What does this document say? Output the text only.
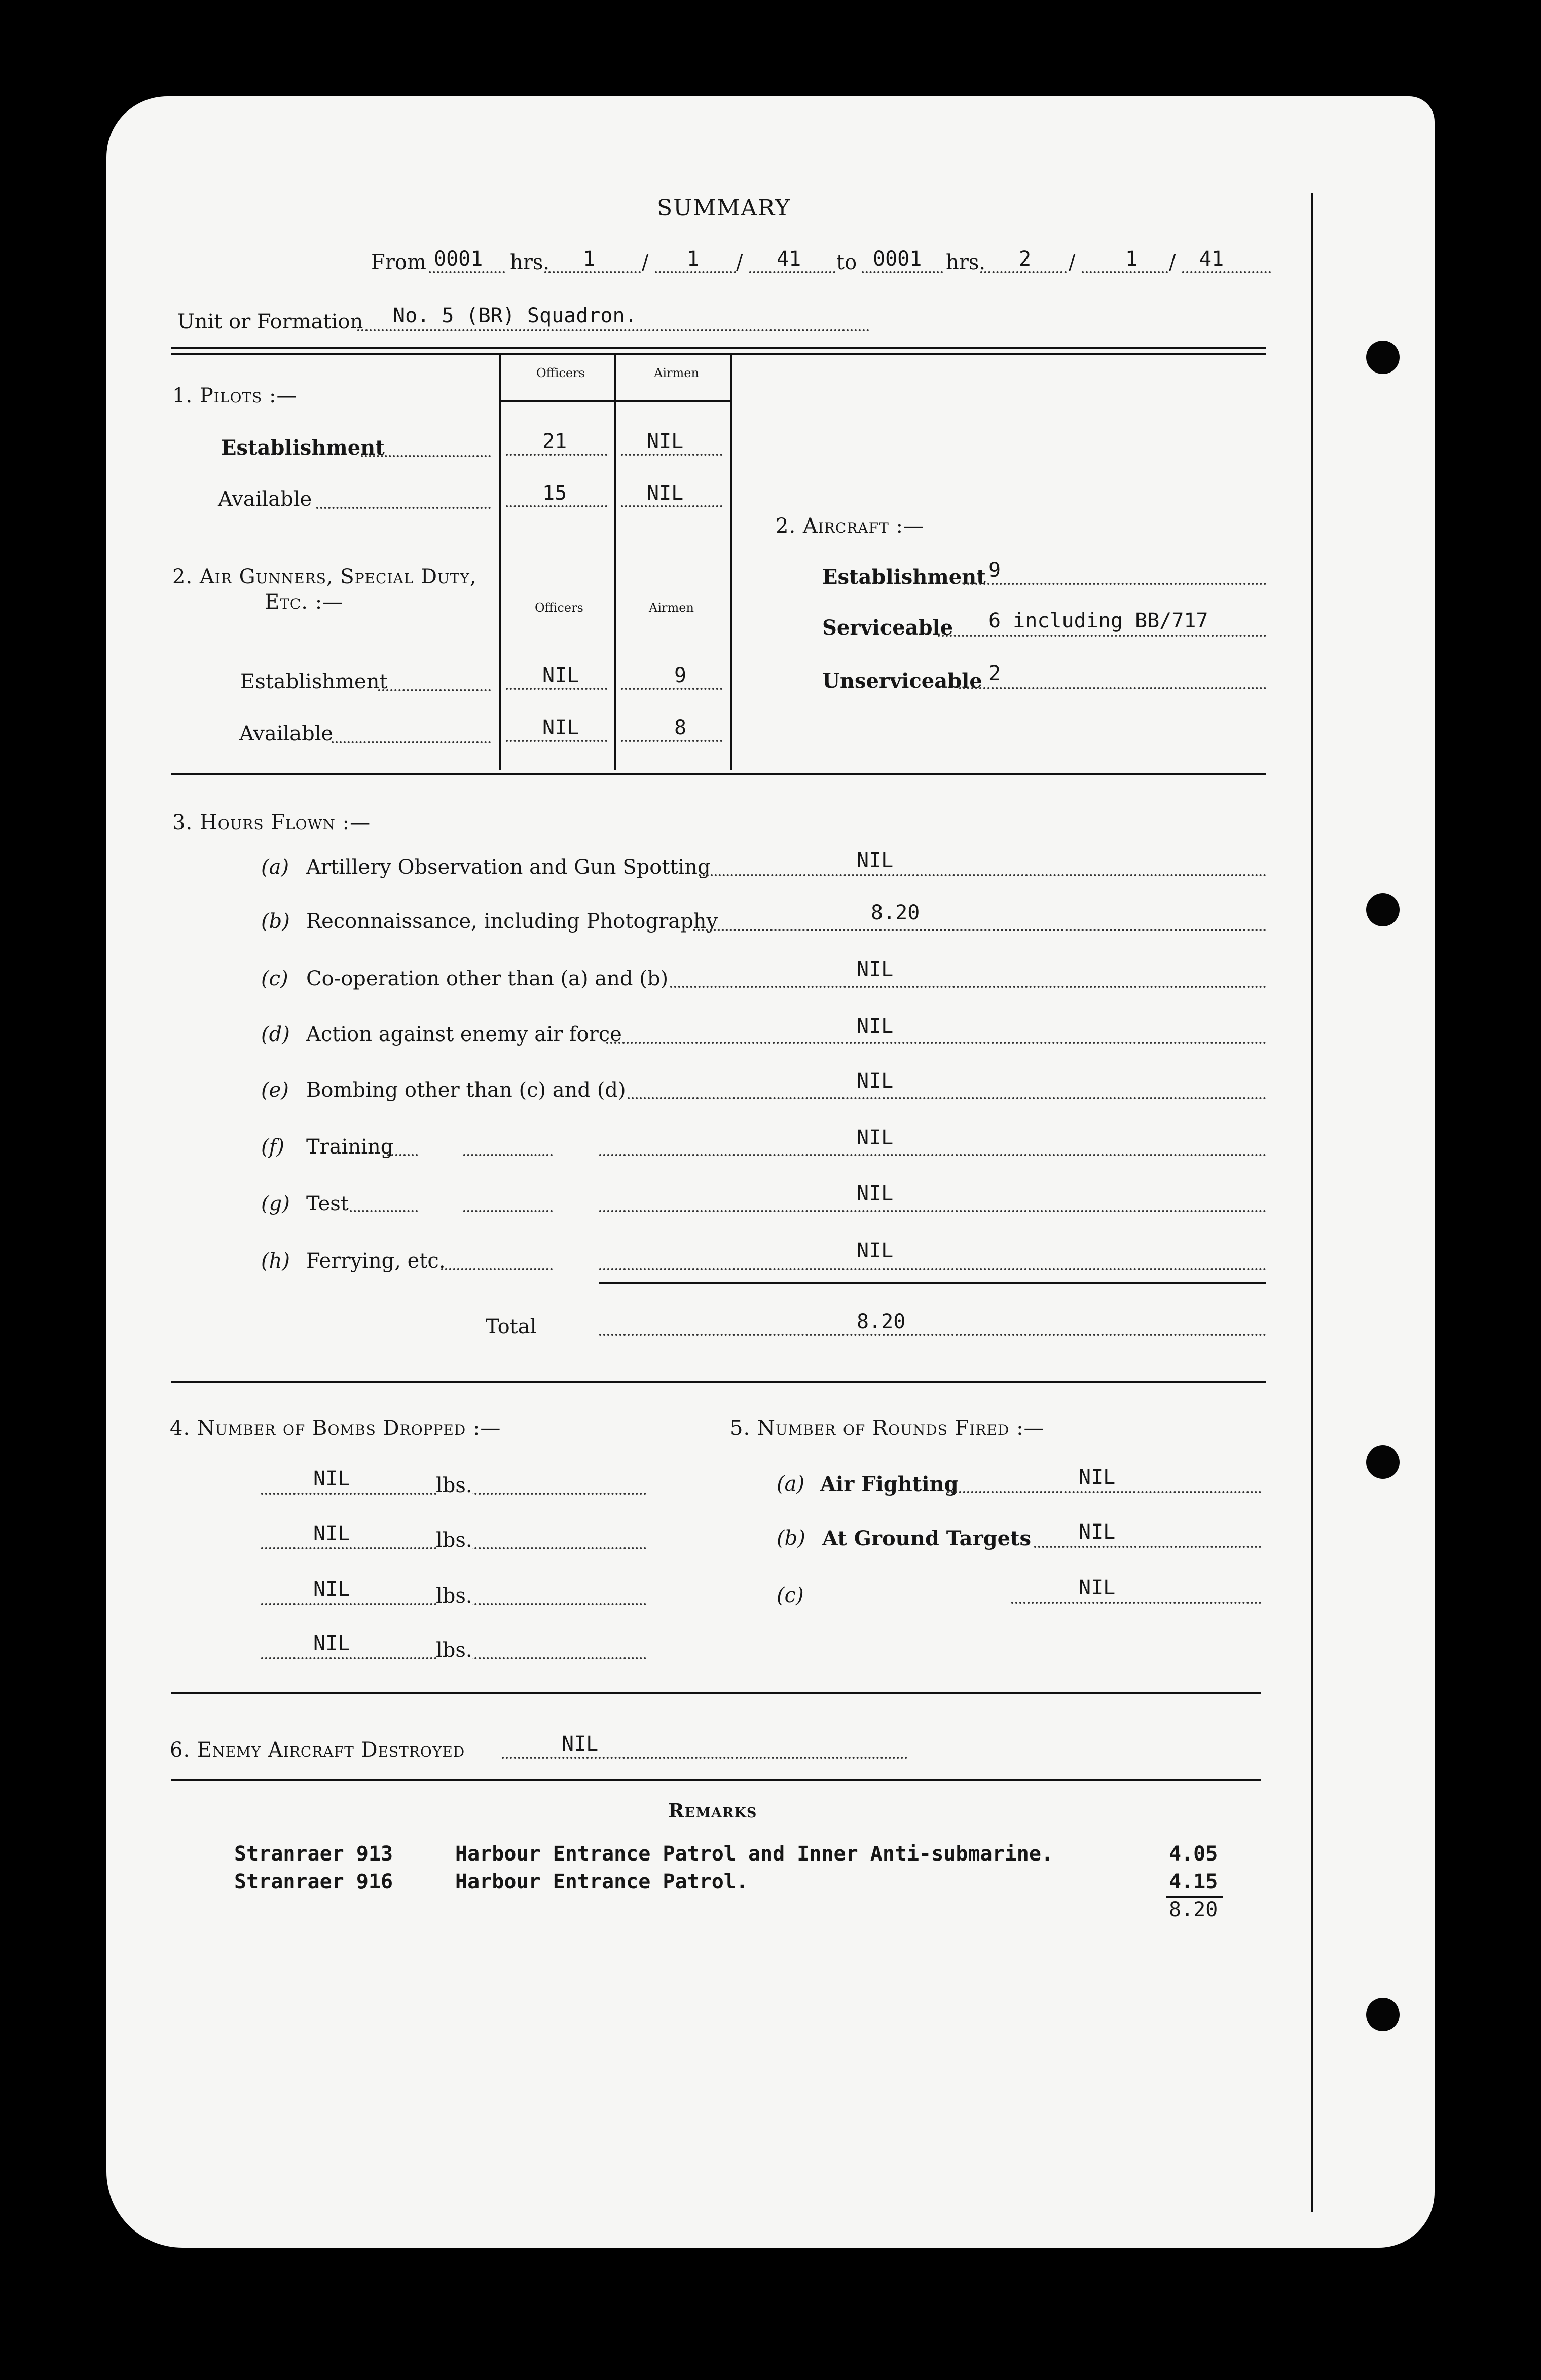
SUMMARY
From 0001 hrs. 1 / 1 / 41 to 0001 hrs. 2 / 1 / 41
Unit or Formation No. 5 (BR) Squadron.
Officers	Airmen
1. Pilots :—
Establishment	21	NIL
Available	15	NIL
2. Air Gunners, Special Duty,
Etc. :—	Officers	Airmen
Establishment	NIL	9
Available	NIL	8
2. Aircraft :—
Establishment 9
Serviceable 6 including BB/717
Unserviceable 2
3. Hours Flown :—
(a) Artillery Observation and Gun Spotting	NIL
(b) Reconnaissance, including Photography	8.20
(c) Co-operation other than (a) and (b)	NIL
(d) Action against enemy air force	NIL
(e) Bombing other than (c) and (d)	NIL
(f) Training	NIL
(g) Test	NIL
(h) Ferrying, etc.	NIL
Total	8.20
4. Number of Bombs Dropped :—
NIL	lbs.
NIL	lbs.
NIL	lbs.
NIL	lbs.
5. Number of Rounds Fired :—
(a) Air Fighting	NIL
(b) At Ground Targets NIL
(c)	NIL
6. Enemy Aircraft Destroyed	NIL
Remarks
Stranraer 913	Harbour Entrance Patrol and Inner Anti-submarine.	4.05
Stranraer 916	Harbour Entrance Patrol.	4.15
8.20
